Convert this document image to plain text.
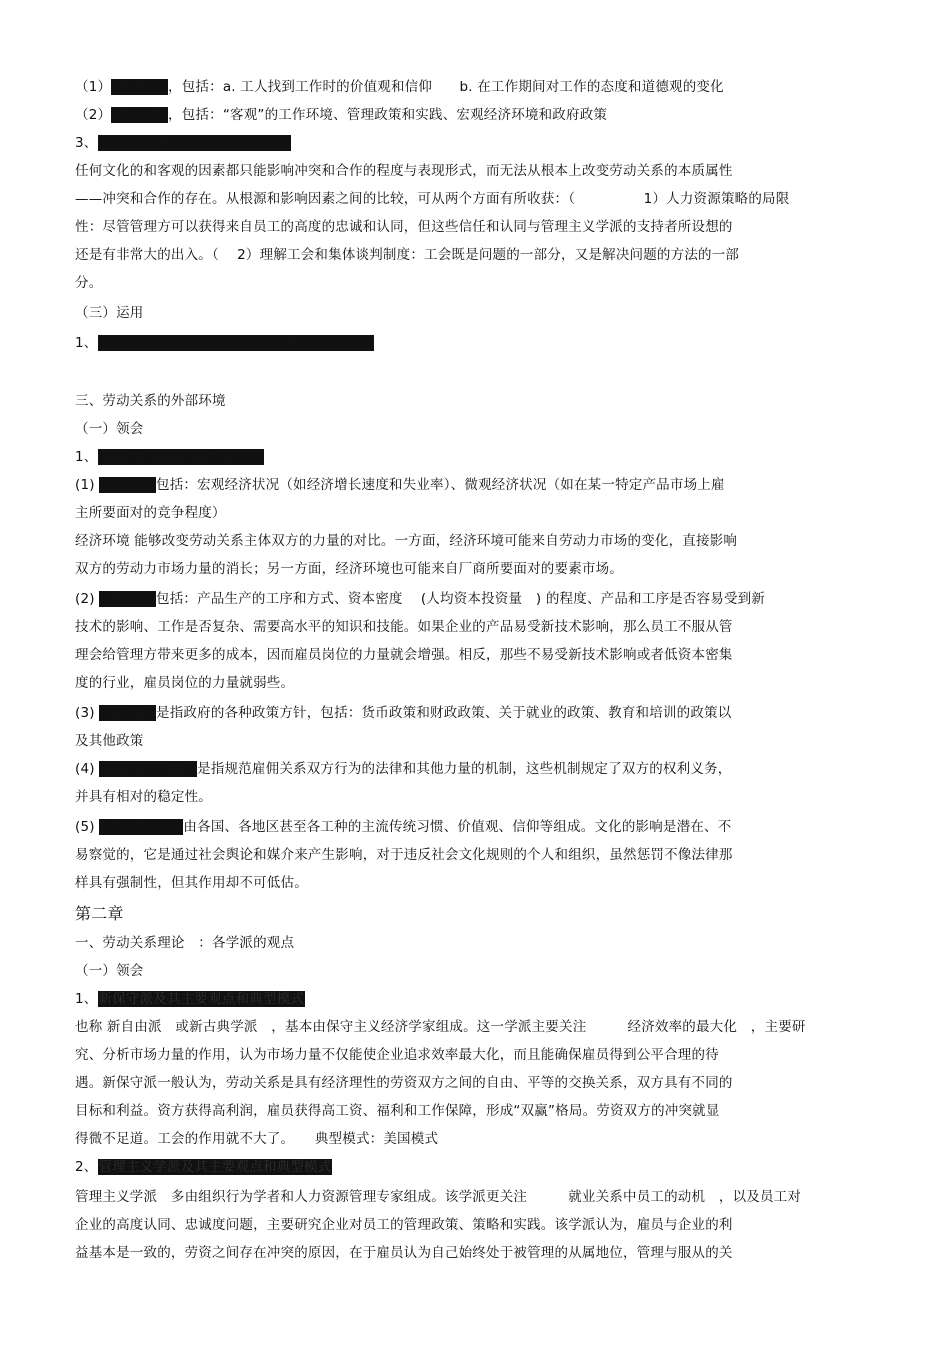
（1）个人因素，包括：a. 工人找到工作时的价值观和信仰　　b. 在工作期间对工作的态度和道德观的变化
（2）结构因素，包括：“客观”的工作环境、管理政策和实践、宏观经济环境和政府政策
3、对冲突与合作的影响因素的理解
任何文化的和客观的因素都只能影响冲突和合作的程度与表现形式，而无法从根本上改变劳动关系的本质属性
——冲突和合作的存在。从根源和影响因素之间的比较，可从两个方面有所收获：（　　　　　1）人力资源策略的局限
性：尽管管理方可以获得来自员工的高度的忠诚和认同，但这些信任和认同与管理主义学派的支持者所设想的
还是有非常大的出入。（　 2）理解工会和集体谈判制度：工会既是问题的一部分，又是解决问题的方法的一部
分。
（三）运用
1、运用冲突与合作的原理分析劳动关系中的问题
三、劳动关系的外部环境
（一）领会
1、外部环境对劳动关系的影响
(1) 经济环境包括：宏观经济状况（如经济增长速度和失业率）、微观经济状况（如在某一特定产品市场上雇
主所要面对的竞争程度）
经济环境 能够改变劳动关系主体双方的力量的对比。一方面，经济环境可能来自劳动力市场的变化，直接影响
双方的劳动力市场力量的消长；另一方面，经济环境也可能来自厂商所要面对的要素市场。
(2) 技术环境包括：产品生产的工序和方式、资本密度　 (人均资本投资量　) 的程度、产品和工序是否容易受到新
技术的影响、工作是否复杂、需要高水平的知识和技能。如果企业的产品易受新技术影响，那么员工不服从管
理会给管理方带来更多的成本，因而雇员岗位的力量就会增强。相反，那些不易受新技术影响或者低资本密集
度的行业，雇员岗位的力量就弱些。
(3) 政策环境是指政府的各种政策方针，包括：货币政策和财政政策、关于就业的政策、教育和培训的政策以
及其他政策
(4) 法律和制度环境是指规范雇佣关系双方行为的法律和其他力量的机制，这些机制规定了双方的权利义务，
并具有相对的稳定性。
(5) 社会文化环境由各国、各地区甚至各工种的主流传统习惯、价值观、信仰等组成。文化的影响是潜在、不
易察觉的，它是通过社会舆论和媒介来产生影响，对于违反社会文化规则的个人和组织，虽然惩罚不像法律那
样具有强制性，但其作用却不可低估。
第二章
一、劳动关系理论　：各学派的观点
（一）领会
1、新保守派及其主要观点和典型模式
也称 新自由派　或新古典学派　，基本由保守主义经济学家组成。这一学派主要关注　　　经济效率的最大化　，主要研
究、分析市场力量的作用，认为市场力量不仅能使企业追求效率最大化，而且能确保雇员得到公平合理的待
遇。新保守派一般认为，劳动关系是具有经济理性的劳资双方之间的自由、平等的交换关系，双方具有不同的
目标和利益。资方获得高利润，雇员获得高工资、福利和工作保障，形成“双赢”格局。劳资双方的冲突就显
得微不足道。工会的作用就不大了。　　典型模式：美国模式
2、管理主义学派及其主要观点和典型模式
管理主义学派　多由组织行为学者和人力资源管理专家组成。该学派更关注　　　就业关系中员工的动机　，以及员工对
企业的高度认同、忠诚度问题，主要研究企业对员工的管理政策、策略和实践。该学派认为，雇员与企业的利
益基本是一致的，劳资之间存在冲突的原因，在于雇员认为自己始终处于被管理的从属地位，管理与服从的关
